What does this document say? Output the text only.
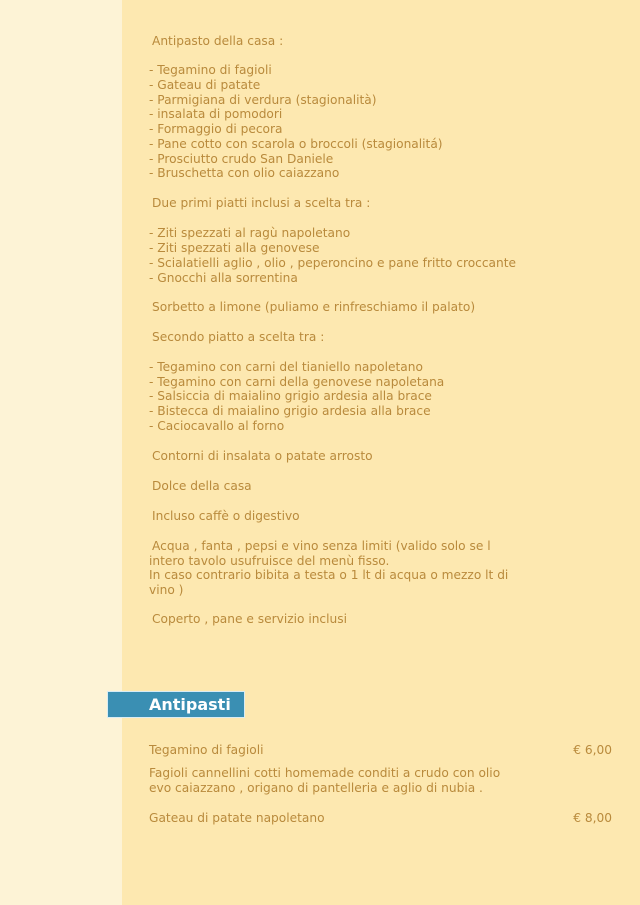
Antipasto della casa :
- Tegamino di fagioli
- Gateau di patate
- Parmigiana di verdura (stagionalità)
- insalata di pomodori
- Formaggio di pecora
- Pane cotto con scarola o broccoli (stagionalitá)
- Prosciutto crudo San Daniele
- Bruschetta con olio caiazzano
Due primi piatti inclusi a scelta tra :
- Ziti spezzati al ragù napoletano
- Ziti spezzati alla genovese
- Scialatielli aglio , olio , peperoncino e pane fritto croccante
- Gnocchi alla sorrentina
Sorbetto a limone (puliamo e rinfreschiamo il palato)
Secondo piatto a scelta tra :
- Tegamino con carni del tianiello napoletano
- Tegamino con carni della genovese napoletana
- Salsiccia di maialino grigio ardesia alla brace
- Bistecca di maialino grigio ardesia alla brace
- Caciocavallo al forno
Contorni di insalata o patate arrosto
Dolce della casa
Incluso caffè o digestivo
Acqua , fanta , pepsi e vino senza limiti (valido solo se l
intero tavolo usufruisce del menù fisso.
In caso contrario bibita a testa o 1 lt di acqua o mezzo lt di
vino )
Coperto , pane e servizio inclusi
Antipasti
Tegamino di fagioli	€ 6,00
Fagioli cannellini cotti homemade conditi a crudo con olio
evo caiazzano , origano di pantelleria e aglio di nubia .
Gateau di patate napoletano	€ 8,00
